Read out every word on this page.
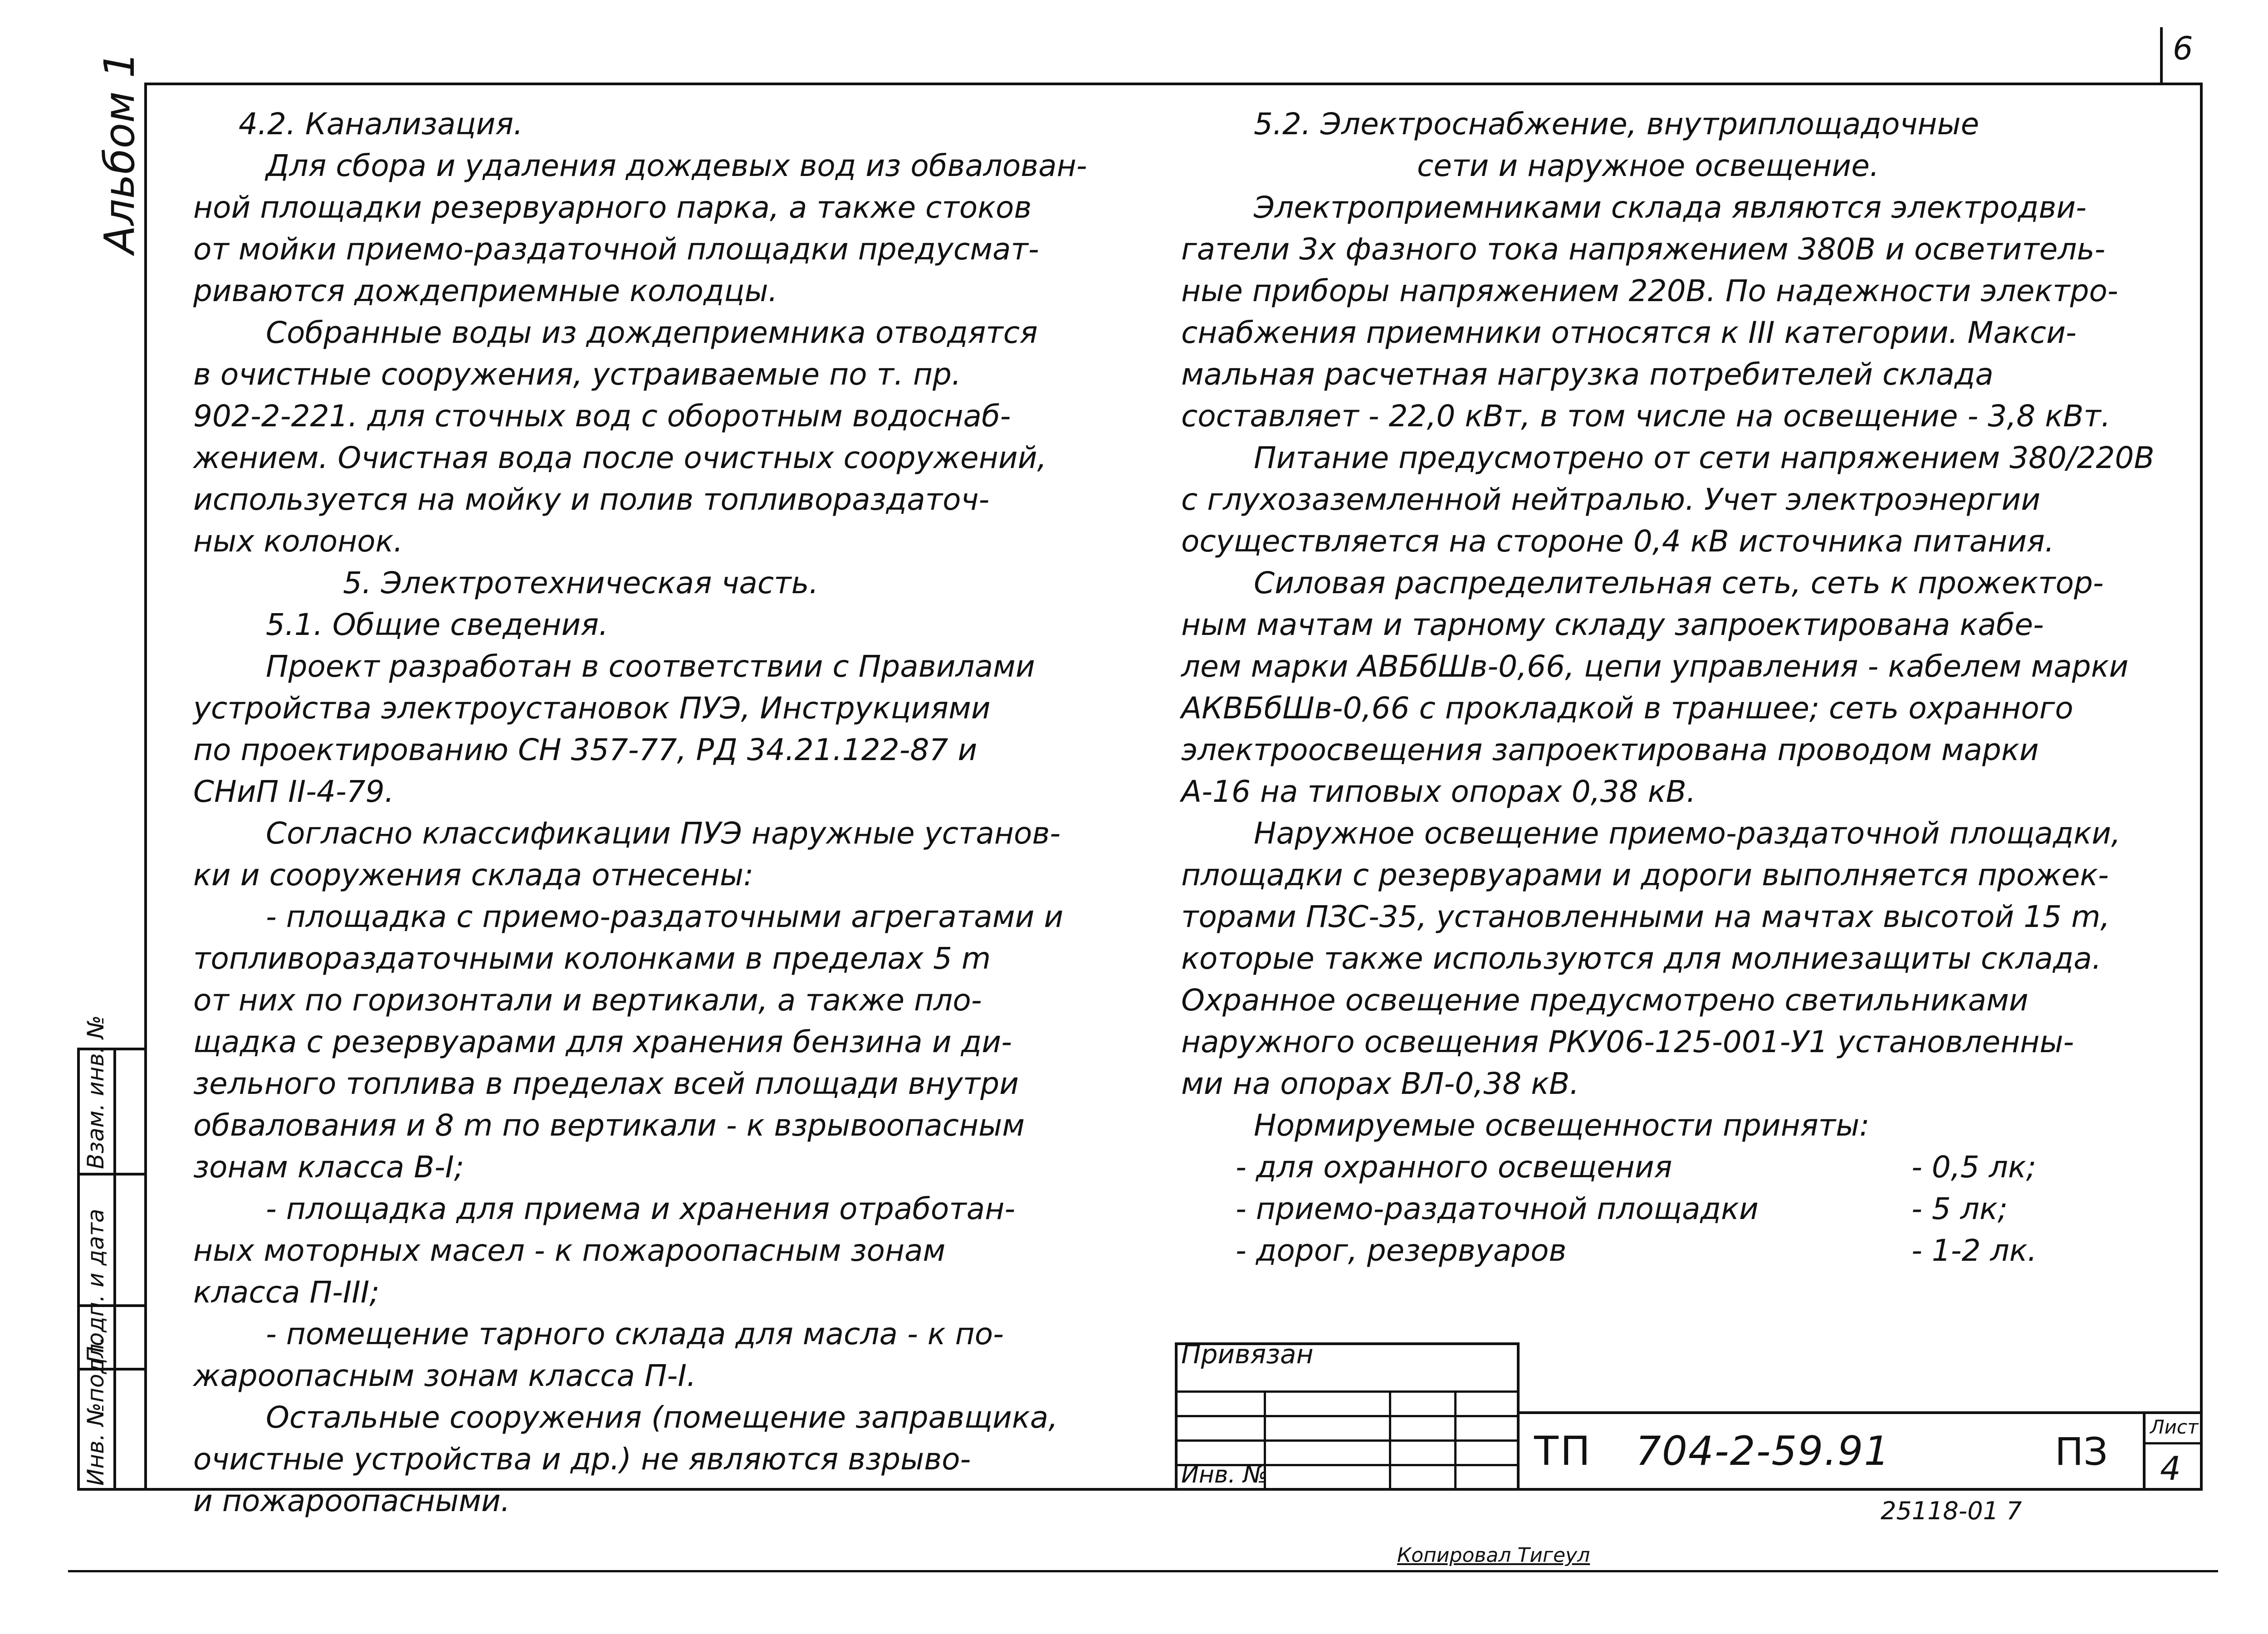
6
Альбом 1
Инв. №подл.
Подп. и дата
Взам. инв. №

4.2. Канализация.

Для сбора и удаления дождевых вод из обвалован-

ной площадки резервуарного парка, а также стоков

от мойки приемо-раздаточной площадки предусмат-

риваются дождеприемные колодцы.

Собранные воды из дождеприемника отводятся

в очистные сооружения, устраиваемые по т. пр.

902-2-221. для сточных вод с оборотным водоснаб-

жением. Очистная вода после очистных сооружений,

используется на мойку и полив топливораздаточ-

ных колонок.

5. Электротехническая часть.

5.1. Общие сведения.

Проект разработан в соответствии с Правилами

устройства электроустановок ПУЭ, Инструкциями

по проектированию СН 357-77, РД 34.21.122-87 и

СНиП II-4-79.

Согласно классификации ПУЭ наружные установ-

ки и сооружения склада отнесены:

- площадка с приемо-раздаточными агрегатами и

топливораздаточными колонками в пределах 5 m

от них по горизонтали и вертикали, а также пло-

щадка с резервуарами для хранения бензина и ди-

зельного топлива в пределах всей площади внутри

обвалования и 8 m по вертикали - к взрывоопасным

зонам класса В-I;

- площадка для приема и хранения отработан-

ных моторных масел - к пожароопасным зонам

класса П-III;

- помещение тарного склада для масла - к по-

жароопасным зонам класса П-I.

Остальные сооружения (помещение заправщика,

очистные устройства и др.) не являются взрыво-

и пожароопасными.

5.2. Электроснабжение, внутриплощадочные

сети и наружное освещение.

Электроприемниками склада являются электродви-

гатели 3х фазного тока напряжением 380В и осветитель-

ные приборы напряжением 220В. По надежности электро-

снабжения приемники относятся к III категории. Макси-

мальная расчетная нагрузка потребителей склада

составляет - 22,0 кВт, в том числе на освещение - 3,8 кВт.

Питание предусмотрено от сети напряжением 380/220В

с глухозаземленной нейтралью. Учет электроэнергии

осуществляется на стороне 0,4 кВ источника питания.

Силовая распределительная сеть, сеть к прожектор-

ным мачтам и тарному складу запроектирована кабе-

лем марки АВБбШв-0,66, цепи управления - кабелем марки

АКВБбШв-0,66 с прокладкой в траншее; сеть охранного

электроосвещения запроектирована проводом марки

А-16 на типовых опорах 0,38 кВ.

Наружное освещение приемо-раздаточной площадки,

площадки с резервуарами и дороги выполняется прожек-

торами ПЗС-35, установленными на мачтах высотой 15 m,

которые также используются для молниезащиты склада.

Охранное освещение предусмотрено светильниками

наружного освещения РКУ06-125-001-У1 установленны-

ми на опорах ВЛ-0,38 кВ.

Нормируемые освещенности приняты:

- для охранного освещения	- 0,5 лк;
- приемо-раздаточной площадки	- 5 лк;
- дорог, резервуаров	- 1-2 лк.
Привязан
Инв. №
ТП 704-2-59.91	ПЗ
Лист
4
25118-01 7
Копировал Тигеул
